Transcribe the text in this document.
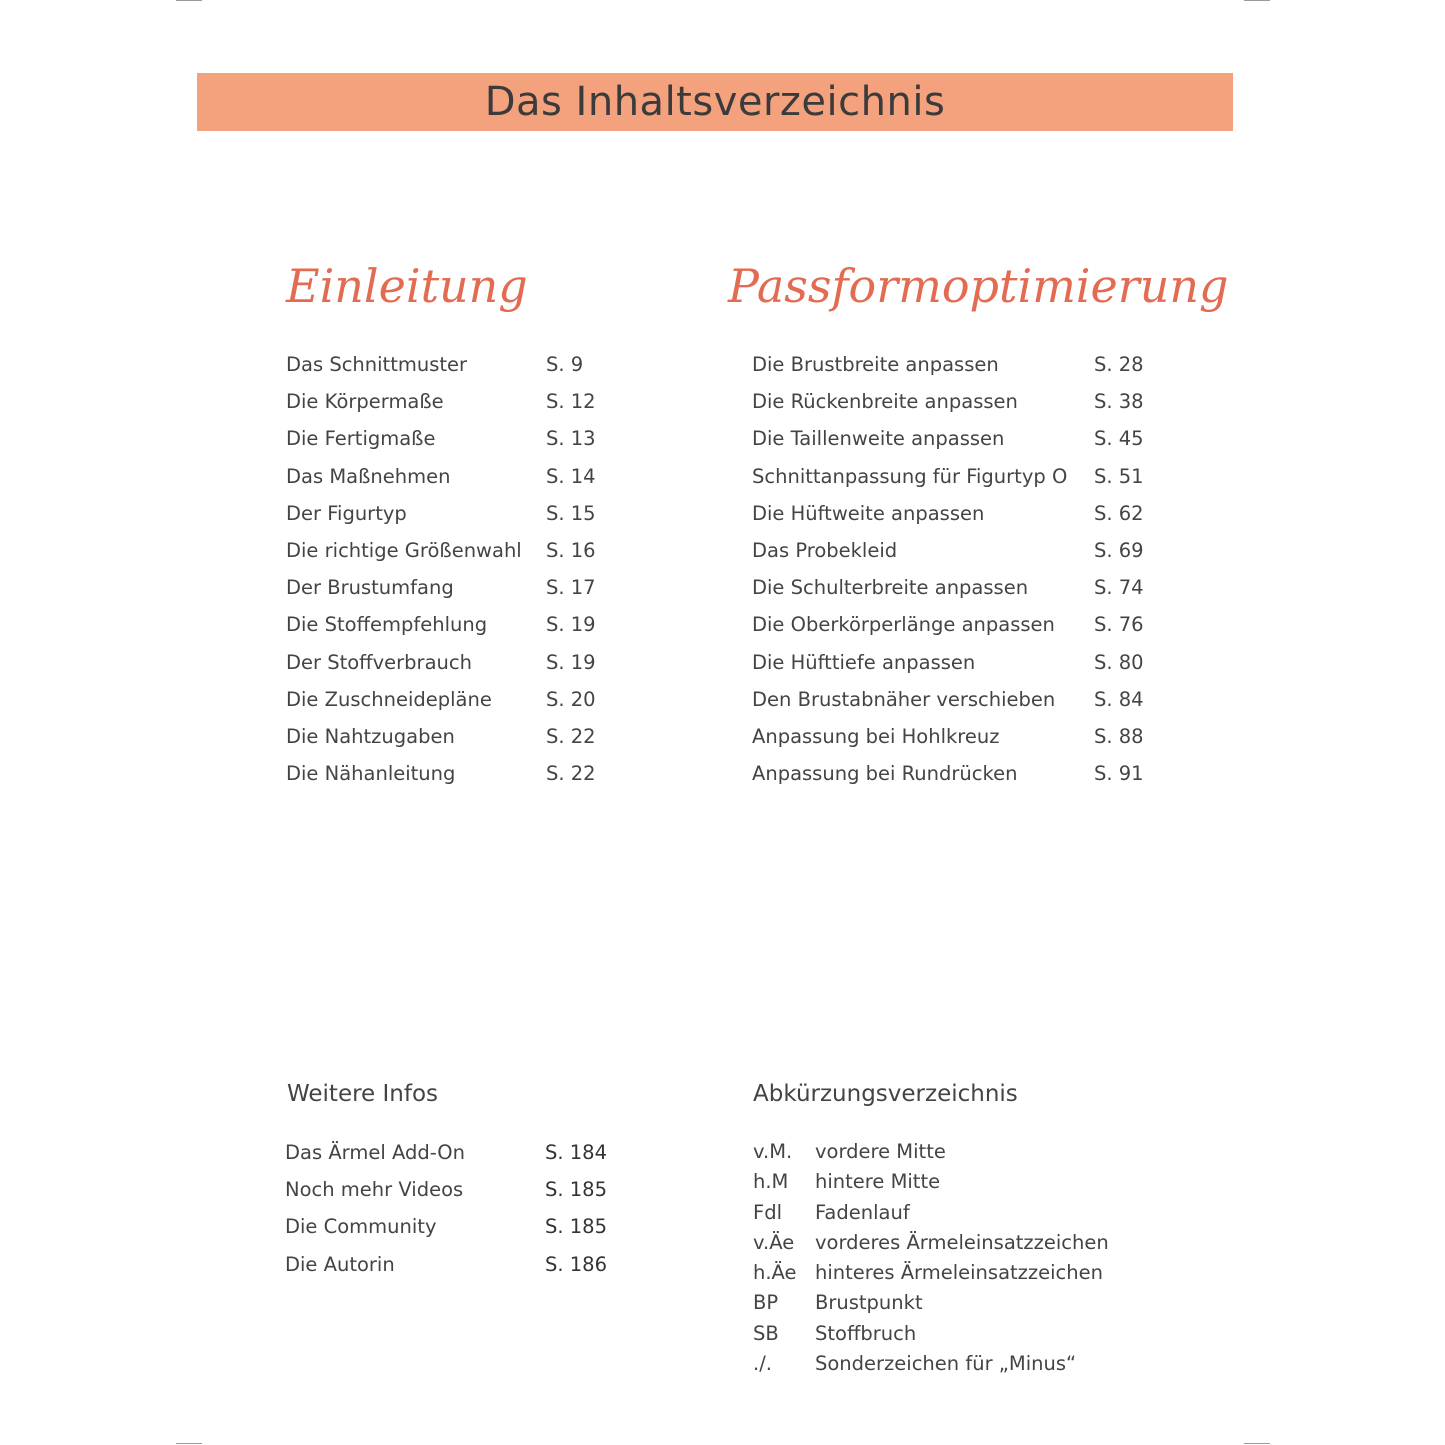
Das Inhaltsverzeichnis
Einleitung
Das Schnittmuster	S. 9
Die Körpermaße	S. 12
Die Fertigmaße	S. 13
Das Maßnehmen	S. 14
Der Figurtyp	S. 15
Die richtige Größenwahl S. 16
Der Brustumfang	S. 17
Die Stoffempfehlung	S. 19
Der Stoffverbrauch	S. 19
Die Zuschneidepläne	S. 20
Die Nahtzugaben	S. 22
Die Nähanleitung	S. 22
Passformoptimierung
Die Brustbreite anpassen	S. 28
Die Rückenbreite anpassen	S. 38
Die Taillenweite anpassen	S. 45
Schnittanpassung für Figurtyp O S. 51
Die Hüftweite anpassen	S. 62
Das Probekleid	S. 69
Die Schulterbreite anpassen	S. 74
Die Oberkörperlänge anpassen S. 76
Die Hüfttiefe anpassen	S. 80
Den Brustabnäher verschieben S. 84
Anpassung bei Hohlkreuz	S. 88
Anpassung bei Rundrücken	S. 91
Weitere Infos
Das Ärmel Add-On	S. 184
Noch mehr Videos	S. 185
Die Community	S. 185
Die Autorin	S. 186
Abkürzungsverzeichnis
v.M. vordere Mitte
h.M hintere Mitte
Fdl Fadenlauf
v.Äe vorderes Ärmeleinsatzzeichen
h.Äe hinteres Ärmeleinsatzzeichen
BP Brustpunkt
SB Stoffbruch
./. Sonderzeichen für „Minus“
